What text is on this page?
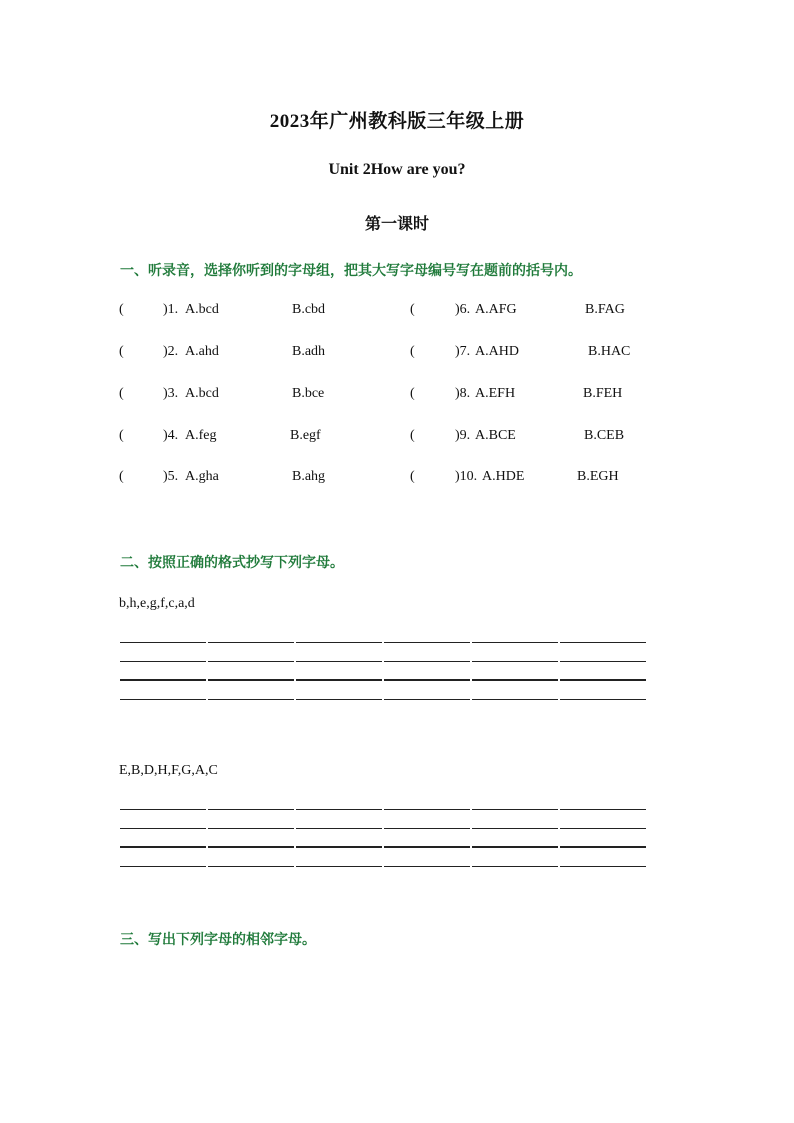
2023年广州教科版三年级上册
Unit 2How are you?
第一课时
一、听录音，选择你听到的字母组，把其大写字母编号写在题前的括号内。
(	)1. A.bcd	B.cbd	(	)6. A.AFG	B.FAG
(	)2. A.ahd	B.adh	(	)7. A.AHD	B.HAC
(	)3. A.bcd	B.bce	(	)8. A.EFH	B.FEH
(	)4. A.feg	B.egf	(	)9. A.BCE	B.CEB
(	)5. A.gha	B.ahg	(	)10. A.HDE	B.EGH
二、按照正确的格式抄写下列字母。
b,h,e,g,f,c,a,d
E,B,D,H,F,G,A,C
三、写出下列字母的相邻字母。
